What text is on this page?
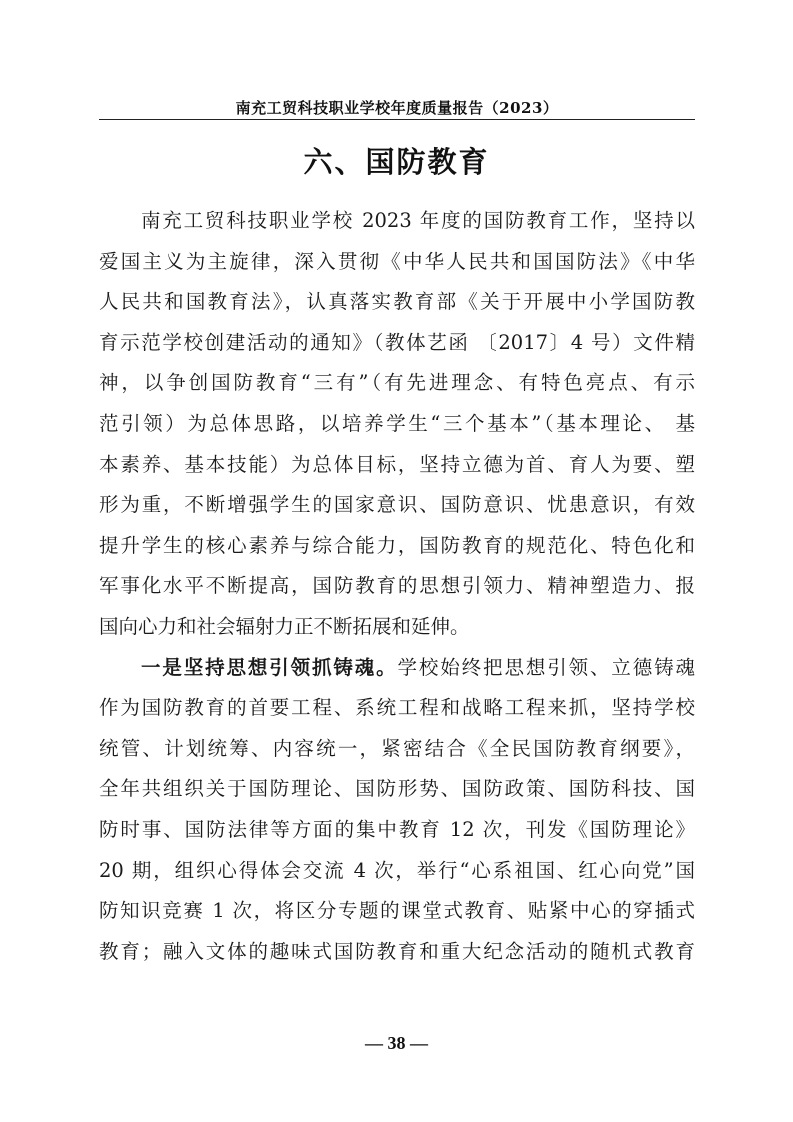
南充工贸科技职业学校年度质量报告（2023）
六、国防教育
南充工贸科技职业学校 2023 年度的国防教育工作，坚持以
爱国主义为主旋律，深入贯彻《中华人民共和国国防法》《中华
人民共和国教育法》，认真落实教育部《关于开展中小学国防教
育示范学校创建活动的通知》（教体艺函 〔2017〕4 号）文件精
神，以争创国防教育“三有”（有先进理念、有特色亮点、有示
范引领）为总体思路，以培养学生“三个基本”（基本理论、 基
本素养、基本技能）为总体目标，坚持立德为首、育人为要、塑
形为重，不断增强学生的国家意识、国防意识、忧患意识，有效
提升学生的核心素养与综合能力，国防教育的规范化、特色化和
军事化水平不断提高，国防教育的思想引领力、精神塑造力、报
国向心力和社会辐射力正不断拓展和延伸。
一是坚持思想引领抓铸魂。学校始终把思想引领、立德铸魂
作为国防教育的首要工程、系统工程和战略工程来抓，坚持学校
统管、计划统筹、内容统一，紧密结合《全民国防教育纲要》，
全年共组织关于国防理论、国防形势、国防政策、国防科技、国
防时事、国防法律等方面的集中教育 12 次，刊发《国防理论》
20 期，组织心得体会交流 4 次，举行“心系祖国、红心向党”国
防知识竞赛 1 次，将区分专题的课堂式教育、贴紧中心的穿插式
教育；融入文体的趣味式国防教育和重大纪念活动的随机式教育
— 38 —
